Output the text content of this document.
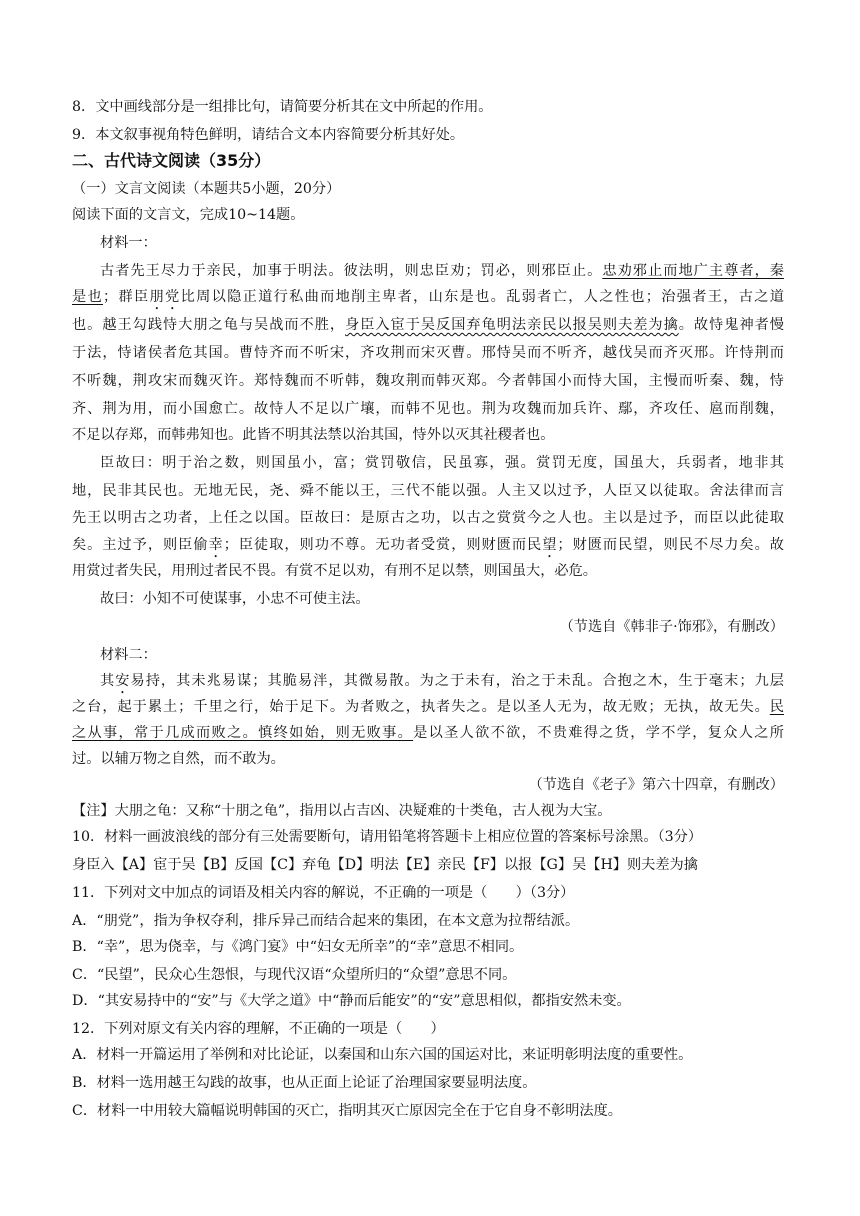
8．文中画线部分是一组排比句，请简要分析其在文中所起的作用。
9．本文叙事视角特色鲜明，请结合文本内容简要分析其好处。
二、古代诗文阅读（35分）
（一）文言文阅读（本题共5小题，20分）
阅读下面的文言文，完成10~14题。
材料一：
古者先王尽力于亲民，加事于明法。彼法明，则忠臣劝；罚必，则邪臣止。忠劝邪止而地广主尊者，秦
是也；群臣朋党比周以隐正道行私曲而地削主卑者，山东是也。乱弱者亡，人之性也；治强者王，古之道
也。越王勾践恃大朋之龟与吴战而不胜，身臣入宦于吴反国弃龟明法亲民以报吴则夫差为擒。故恃鬼神者慢
于法，恃诸侯者危其国。曹恃齐而不听宋，齐攻荆而宋灭曹。邢恃吴而不听齐，越伐吴而齐灭邢。许恃荆而
不听魏，荆攻宋而魏灭许。郑恃魏而不听韩，魏攻荆而韩灭郑。今者韩国小而恃大国，主慢而听秦、魏，恃
齐、荆为用，而小国愈亡。故恃人不足以广壤，而韩不见也。荆为攻魏而加兵许、鄢，齐攻任、扈而削魏，
不足以存郑，而韩弗知也。此皆不明其法禁以治其国，恃外以灭其社稷者也。
臣故曰：明于治之数，则国虽小，富；赏罚敬信，民虽寡，强。赏罚无度，国虽大，兵弱者，地非其
地，民非其民也。无地无民，尧、舜不能以王，三代不能以强。人主又以过予，人臣又以徒取。舍法律而言
先王以明古之功者，上任之以国。臣故曰：是原古之功，以古之赏赏今之人也。主以是过予，而臣以此徒取
矣。主过予，则臣偷幸；臣徒取，则功不尊。无功者受赏，则财匮而民望；财匮而民望，则民不尽力矣。故
用赏过者失民，用刑过者民不畏。有赏不足以劝，有刑不足以禁，则国虽大，必危。
故曰：小知不可使谋事，小忠不可使主法。
（节选自《韩非子·饰邪》，有删改）
材料二：
其安易持，其未兆易谋；其脆易泮，其微易散。为之于未有，治之于未乱。合抱之木，生于毫末；九层
之台，起于累土；千里之行，始于足下。为者败之，执者失之。是以圣人无为，故无败；无执，故无失。民
之从事，常于几成而败之。慎终如始，则无败事。是以圣人欲不欲，不贵难得之货，学不学，复众人之所
过。以辅万物之自然，而不敢为。
（节选自《老子》第六十四章，有删改）
【注】大朋之龟：又称“十朋之龟”，指用以占吉凶、决疑难的十类龟，古人视为大宝。
10．材料一画波浪线的部分有三处需要断句，请用铅笔将答题卡上相应位置的答案标号涂黑。（3分）
身臣入【A】宦于吴【B】反国【C】弃龟【D】明法【E】亲民【F】以报【G】吴【H】则夫差为擒
11．下列对文中加点的词语及相关内容的解说，不正确的一项是（　　）（3分）
A．“朋党”，指为争权夺利，排斥异己而结合起来的集团，在本文意为拉帮结派。
B．“幸”，思为侥幸，与《鸿门宴》中“妇女无所幸”的“幸”意思不相同。
C．“民望”，民众心生怨恨，与现代汉语“众望所归的“众望”意思不同。
D．“其安易持中的“安”与《大学之道》中“静而后能安”的“安”意思相似，都指安然未变。
12．下列对原文有关内容的理解，不正确的一项是（　　）
A．材料一开篇运用了举例和对比论证，以秦国和山东六国的国运对比，来证明彰明法度的重要性。
B．材料一选用越王勾践的故事，也从正面上论证了治理国家要显明法度。
C．材料一中用较大篇幅说明韩国的灭亡，指明其灭亡原因完全在于它自身不彰明法度。
